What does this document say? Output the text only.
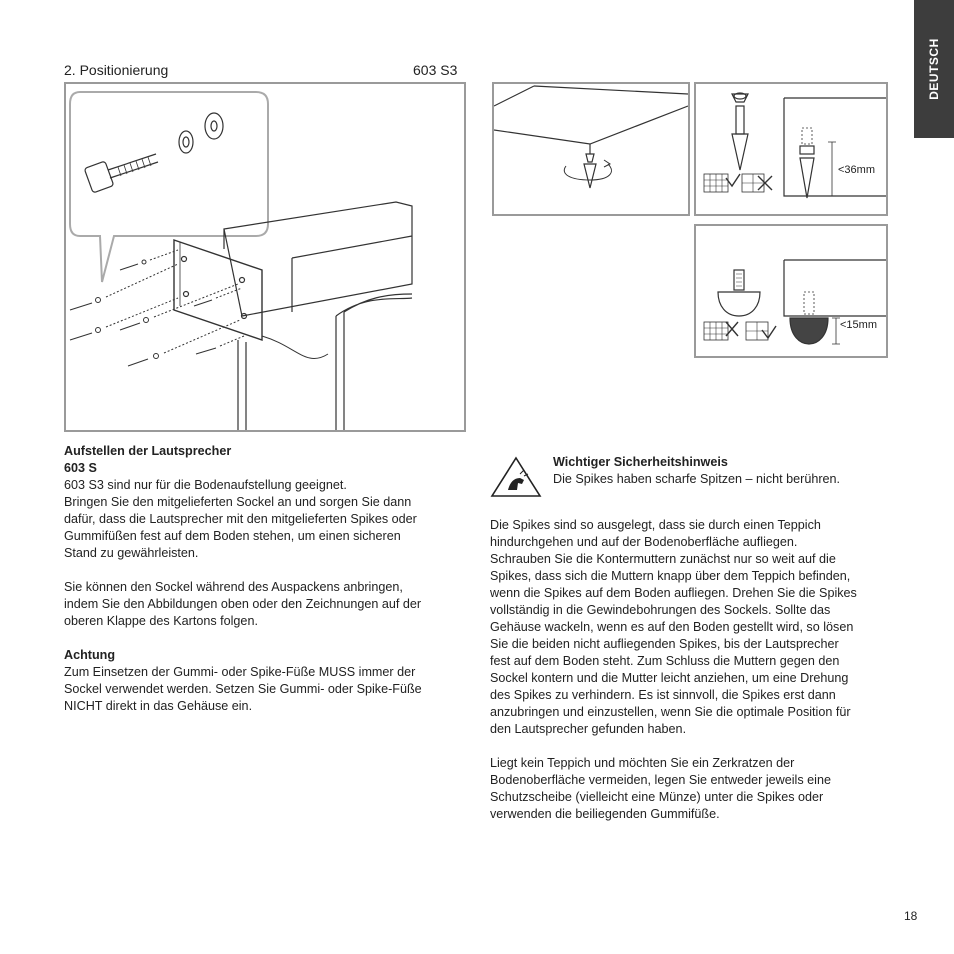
DEUTSCH
2. Positionierung	603 S3
<36mm
<15mm

Aufstellen der Lautsprecher

603 S

603 S3 sind nur für die Bodenaufstellung geeignet.

Bringen Sie den mitgelieferten Sockel an und sorgen Sie dann

dafür, dass die Lautsprecher mit den mitgelieferten Spikes oder

Gummifüßen fest auf dem Boden stehen, um einen sicheren

Stand zu gewährleisten.

Sie können den Sockel während des Auspackens anbringen,

indem Sie den Abbildungen oben oder den Zeichnungen auf der

oberen Klappe des Kartons folgen.

Achtung

Zum Einsetzen der Gummi- oder Spike-Füße MUSS immer der

Sockel verwendet werden. Setzen Sie Gummi- oder Spike-Füße

NICHT direkt in das Gehäuse ein.

Wichtiger Sicherheitshinweis

Die Spikes haben scharfe Spitzen – nicht berühren.

Die Spikes sind so ausgelegt, dass sie durch einen Teppich

hindurchgehen und auf der Bodenoberfläche aufliegen.

Schrauben Sie die Kontermuttern zunächst nur so weit auf die

Spikes, dass sich die Muttern knapp über dem Teppich befinden,

wenn die Spikes auf dem Boden aufliegen. Drehen Sie die Spikes

vollständig in die Gewindebohrungen des Sockels. Sollte das

Gehäuse wackeln, wenn es auf den Boden gestellt wird, so lösen

Sie die beiden nicht aufliegenden Spikes, bis der Lautsprecher

fest auf dem Boden steht. Zum Schluss die Muttern gegen den

Sockel kontern und die Mutter leicht anziehen, um eine Drehung

des Spikes zu verhindern. Es ist sinnvoll, die Spikes erst dann

anzubringen und einzustellen, wenn Sie die optimale Position für

den Lautsprecher gefunden haben.

Liegt kein Teppich und möchten Sie ein Zerkratzen der

Bodenoberfläche vermeiden, legen Sie entweder jeweils eine

Schutzscheibe (vielleicht eine Münze) unter die Spikes oder

verwenden die beiliegenden Gummifüße.

18
